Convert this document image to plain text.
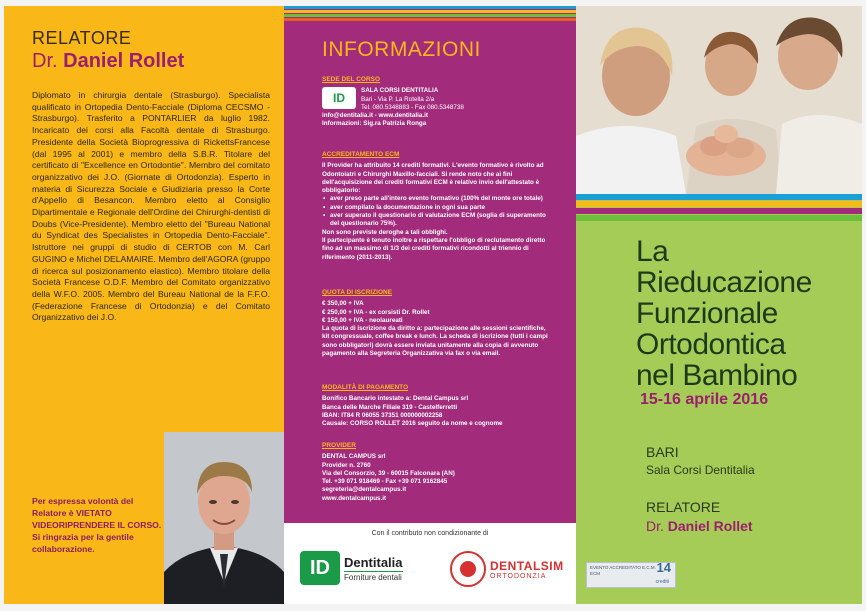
RELATORE
Dr. Daniel Rollet
Diplomato in chirurgia dentale (Strasburgo). Specialista qualificato in Ortopedia Dento-Facciale (Diploma CECSMO - Strasburgo). Trasferito a PONTARLIER da luglio 1982. Incaricato dei corsi alla Facoltà dentale di Strasburgo. Presidente della Società Bioprogressiva di RickettsFrancese (dal 1995 al 2001) e membro della S.B.R. Titolare del certificato di "Excellence en Ortodontie". Membro del comitato organizzativo dei J.O. (Giornate di Ortodonzia). Esperto in materia di Sicurezza Sociale e Giudiziaria presso la Corte d'Appello di Besancon. Membro eletto al Consiglio Dipartimentale e Regionale dell'Ordine dei Chirurghi-dentisti di Doubs (Vice-Presidente). Membro eletto del "Bureau National du Syndicat des Specialistes in Ortopedia Dento-Facciale". Istruttore nei gruppi di studio di CERTOB con M. Carl GUGINO e Michel DELAMAIRE. Membro dell'AGORA (gruppo di ricerca sul posizionamento elastico). Membro titolare della Società Francese O.D.F. Membro del Comitato organizzativo della W.F.O. 2005. Membro del Bureau National de la F.F.O. (Federazione Francese di Ortodonzia) e del Comitato Organizzativo dei J.O.
Per espressa volontà del Relatore è VIETATO VIDEORIPRENDERE IL CORSO. Si ringrazia per la gentile collaborazione.
INFORMAZIONI
SEDE DEL CORSO
ID

SALA CORSI DENTITALIA

Bari - Via P. La Rotella 2/a

Tel. 080.5348883 - Fax 080.5348738

info@dentitalia.it - www.dentitalia.it

Informazioni: Sig.ra Patrizia Ronga

ACCREDITAMENTO ECM

Il Provider ha attribuito 14 crediti formativi. L'evento formativo è rivolto ad Odontoiatri e Chirurghi Maxillo-facciali. Si rende noto che ai fini dell'acquisizione dei crediti formativi ECM è relativo invio dell'attestato è obbligatorio:

• aver preso parte all'intero evento formativo (100% del monte ore totale)
• aver compilato la documentazione in ogni sua parte
• aver superato il questionario di valutazione ECM (soglia di superamento del questionario 75%).

Non sono previste deroghe a tali obblighi.

Il partecipante è tenuto inoltre a rispettare l'obbligo di reclutamento diretto fino ad un massimo di 1/3 dei crediti formativi ricondotti al triennio di riferimento (2011-2013).

QUOTA DI ISCRIZIONE

€ 350,00 + IVA

€ 250,00 + IVA - ex corsisti Dr. Rollet

€ 150,00 + IVA - neolaureati

La quota di iscrizione da diritto a: partecipazione alle sessioni scientifiche, kit congressuale, coffee break e lunch. La scheda di iscrizione (tutti i campi sono obbligatori) dovrà essere inviata unitamente alla copia di avvenuto pagamento alla Segreteria Organizzativa via fax o via email.

MODALITÀ DI PAGAMENTO

Bonifico Bancario intestato a: Dental Campus srl

Banca delle Marche Filiale 319 - Castelferretti

IBAN: IT84 R 06055 37351 000000002258

Causale: CORSO ROLLET 2016 seguito da nome e cognome

PROVIDER

DENTAL CAMPUS srl

Provider n. 2760

Via del Consorzio, 39 - 60015 Falconara (AN)

Tel. +39 071 918469 - Fax +39 071 9162845

segreteria@dentalcampus.it

www.dentalcampus.it

Con il contributo non condizionante di
ID	Dentitalia
Forniture dentali
DENTALSIM
ORTODONZIA
La
Rieducazione
Funzionale
Ortodontica
nel Bambino
15-16 aprile 2016
BARI
Sala Corsi Dentitalia
RELATORE
Dr. Daniel Rollet
EVENTO ACCREDITATO E.C.M.
ECM	14
crediti
